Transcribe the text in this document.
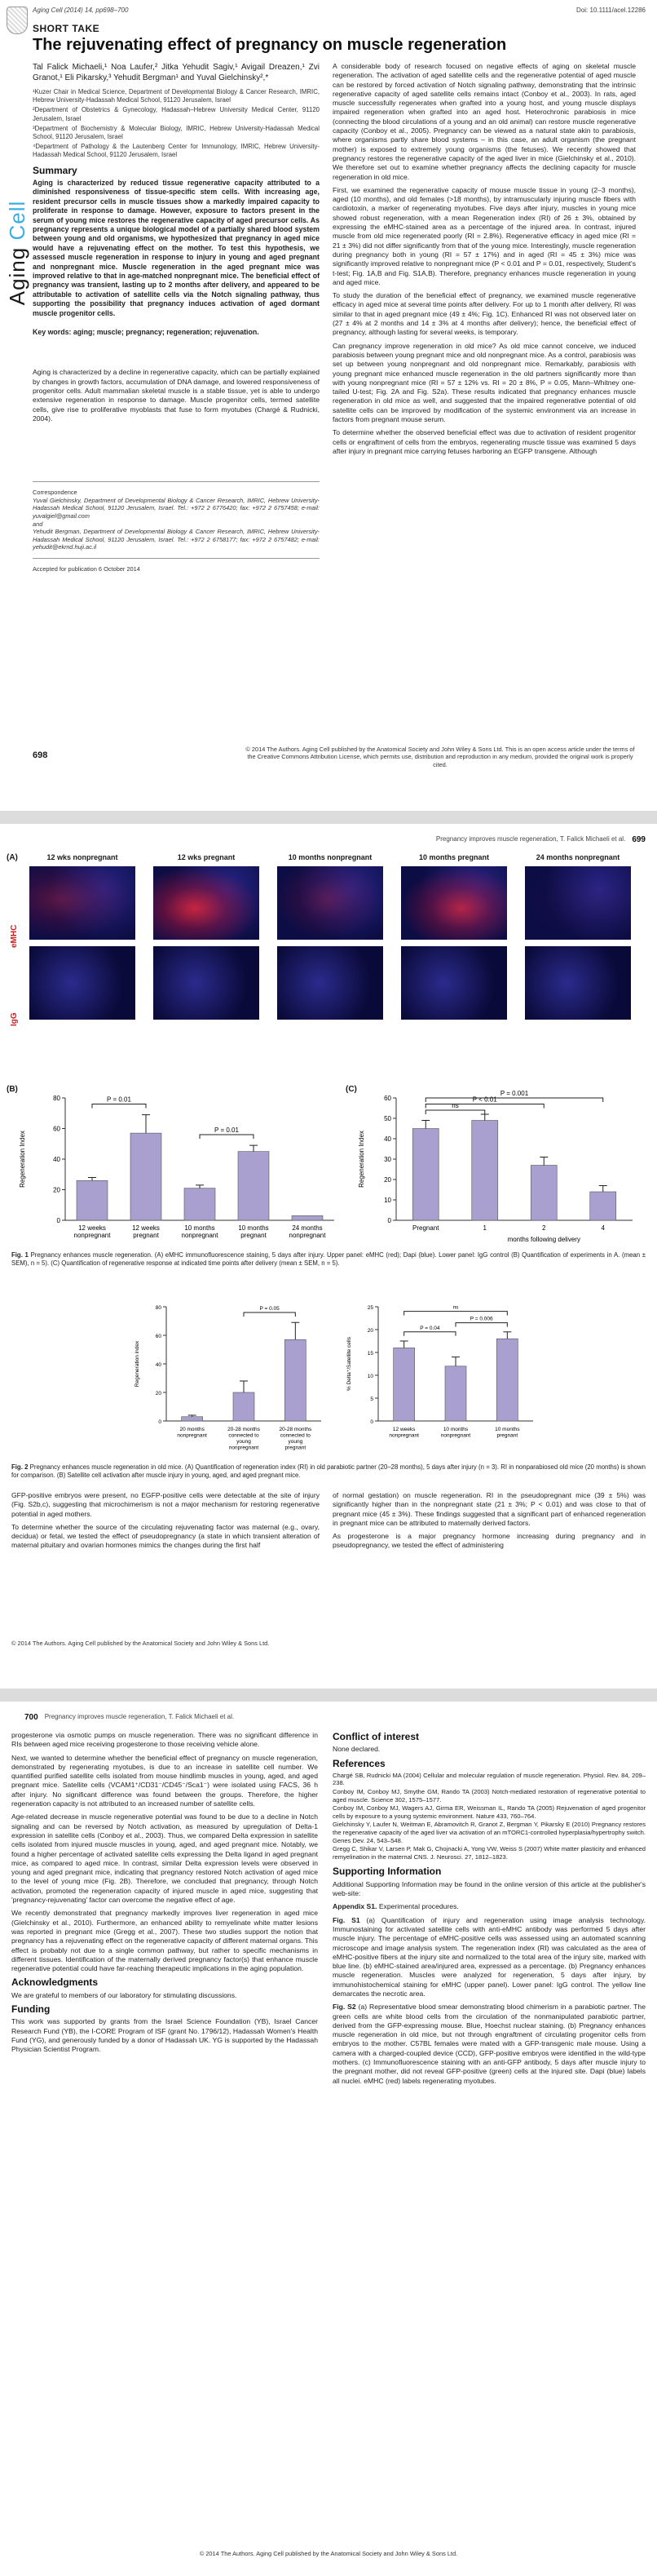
Aging Cell (2014) 14, pp698–700	Doi: 10.1111/acel.12286
Aging Cell
SHORT TAKE
The rejuvenating effect of pregnancy on muscle regeneration
Tal Falick Michaeli,¹ Noa Laufer,² Jitka Yehudit Sagiv,¹ Avigail Dreazen,¹ Zvi Granot,¹ Eli Pikarsky,³ Yehudit Bergman¹ and Yuval Gielchinsky²,*
¹Kuzer Chair in Medical Science, Department of Developmental Biology & Cancer Research, IMRIC, Hebrew University-Hadassah Medical School, 91120 Jerusalem, Israel
²Department of Obstetrics & Gynecology, Hadassah–Hebrew University Medical Center, 91120 Jerusalem, Israel
³Department of Biochemistry & Molecular Biology, IMRIC, Hebrew University-Hadassah Medical School, 91120 Jerusalem, Israel
⁴Department of Pathology & the Lautenberg Center for Immunology, IMRIC, Hebrew University-Hadassah Medical School, 91120 Jerusalem, Israel
Summary
Aging is characterized by reduced tissue regenerative capacity attributed to a diminished responsiveness of tissue-specific stem cells. With increasing age, resident precursor cells in muscle tissues show a markedly impaired capacity to proliferate in response to damage. However, exposure to factors present in the serum of young mice restores the regenerative capacity of aged precursor cells. As pregnancy represents a unique biological model of a partially shared blood system between young and old organisms, we hypothesized that pregnancy in aged mice would have a rejuvenating effect on the mother. To test this hypothesis, we assessed muscle regeneration in response to injury in young and aged pregnant and nonpregnant mice. Muscle regeneration in the aged pregnant mice was improved relative to that in age-matched nonpregnant mice. The beneficial effect of pregnancy was transient, lasting up to 2 months after delivery, and appeared to be attributable to activation of satellite cells via the Notch signaling pathway, thus supporting the possibility that pregnancy induces activation of aged dormant muscle progenitor cells.
Key words: aging; muscle; pregnancy; regeneration; rejuvenation.

Aging is characterized by a decline in regenerative capacity, which can be partially explained by changes in growth factors, accumulation of DNA damage, and lowered responsiveness of progenitor cells. Adult mammalian skeletal muscle is a stable tissue, yet is able to undergo extensive regeneration in response to damage. Muscle progenitor cells, termed satellite cells, give rise to proliferative myoblasts that fuse to form myotubes (Chargé & Rudnicki, 2004).

Correspondence
Yuval Gielchinsky, Department of Developmental Biology & Cancer Research, IMRIC, Hebrew University-Hadassah Medical School, 91120 Jerusalem, Israel. Tel.: +972 2 6776420; fax: +972 2 6757458; e-mail: yuvalgiel@gmail.com
and
Yehudit Bergman, Department of Developmental Biology & Cancer Research, IMRIC, Hebrew University-Hadassah Medical School, 91120 Jerusalem, Israel. Tel.: +972 2 6758177; fax: +972 2 6757482; e-mail: yehudit@ekmd.huji.ac.il
Accepted for publication 6 October 2014

A considerable body of research focused on negative effects of aging on skeletal muscle regeneration. The activation of aged satellite cells and the regenerative potential of aged muscle can be restored by forced activation of Notch signaling pathway, demonstrating that the intrinsic regenerative capacity of aged satellite cells remains intact (Conboy et al., 2003). In rats, aged muscle successfully regenerates when grafted into a young host, and young muscle displays impaired regeneration when grafted into an aged host. Heterochronic parabiosis in mice (connecting the blood circulations of a young and an old animal) can restore muscle regenerative capacity (Conboy et al., 2005). Pregnancy can be viewed as a natural state akin to parabiosis, where organisms partly share blood systems – in this case, an adult organism (the pregnant mother) is exposed to extremely young organisms (the fetuses). We recently showed that pregnancy restores the regenerative capacity of the aged liver in mice (Gielchinsky et al., 2010). We therefore set out to examine whether pregnancy affects the declining capacity for muscle regeneration in old mice.

First, we examined the regenerative capacity of mouse muscle tissue in young (2–3 months), aged (10 months), and old females (>18 months), by intramuscularly injuring muscle fibers with cardiotoxin, a marker of regenerating myotubes. Five days after injury, muscles in young mice showed robust regeneration, with a mean Regeneration index (RI) of 26 ± 3%, obtained by expressing the eMHC-stained area as a percentage of the injured area. In contrast, injured muscle from old mice regenerated poorly (RI = 2.8%). Regenerative efficacy in aged mice (RI = 21 ± 3%) did not differ significantly from that of the young mice. Interestingly, muscle regeneration during pregnancy both in young (RI = 57 ± 17%) and in aged (RI = 45 ± 3%) mice was significantly improved relative to nonpregnant mice (P < 0.01 and P = 0.01, respectively, Student's t-test; Fig. 1A,B and Fig. S1A,B). Therefore, pregnancy enhances muscle regeneration in young and aged mice.

To study the duration of the beneficial effect of pregnancy, we examined muscle regenerative efficacy in aged mice at several time points after delivery. For up to 1 month after delivery, RI was similar to that in aged pregnant mice (49 ± 4%; Fig. 1C). Enhanced RI was not observed later on (27 ± 4% at 2 months and 14 ± 3% at 4 months after delivery); hence, the beneficial effect of pregnancy, although lasting for several weeks, is temporary.

Can pregnancy improve regeneration in old mice? As old mice cannot conceive, we induced parabiosis between young pregnant mice and old nonpregnant mice. As a control, parabiosis was set up between young nonpregnant and old nonpregnant mice. Remarkably, parabiosis with young pregnant mice enhanced muscle regeneration in the old partners significantly more than with young nonpregnant mice (RI = 57 ± 12% vs. RI = 20 ± 8%, P = 0.05, Mann–Whitney one-tailed U-test; Fig. 2A and Fig. S2a). These results indicated that pregnancy enhances muscle regeneration in old mice as well, and suggested that the impaired regenerative potential of old satellite cells can be improved by modification of the systemic environment via an increase in factors from pregnant mouse serum.

To determine whether the observed beneficial effect was due to activation of resident progenitor cells or engraftment of cells from the embryos, regenerating muscle tissue was examined 5 days after injury in pregnant mice carrying fetuses harboring an EGFP transgene. Although

698
© 2014 The Authors. Aging Cell published by the Anatomical Society and John Wiley & Sons Ltd. This is an open access article under the terms of the Creative Commons Attribution License, which permits use, distribution and reproduction in any medium, provided the original work is properly cited.
Pregnancy improves muscle regeneration, T. Falick Michaeli et al. 699
(A)	12 wks nonpregnant	12 wks pregnant	10 months nonpregnant	10 months pregnant	24 months nonpregnant
eMHC
IgG
(B)	(C)
0
20
40
60
80
Regeneration Index
12 weeks
nonpregnant
12 weeks
pregnant
10 months
nonpregnant
10 months
pregnant
24 months
nonpregnant
P = 0.01
P = 0.01
0
10
20
30
40
50
60
Regeneration Index
Pregnant	1	2	4
months following delivery
ns
P < 0.01
P = 0.001
Fig. 1 Pregnancy enhances muscle regeneration. (A) eMHC immunofluorescence staining, 5 days after injury. Upper panel: eMHC (red); Dapi (blue). Lower panel: IgG control (B) Quantification of experiments in A. (mean ± SEM), n = 5). (C) Quantification of regenerative response at indicated time points after delivery (mean ± SEM, n = 5).
0
20
40
60
80
Regeneration index
20 months
nonpregnant
20-28 months
connected to
young
nonpregnant
20-28 months
connected to
young
pregnant
P = 0.05
0
5
10
15
20
25
% Delta⁺/Satellite cells
12 weeks
nonpregnant
10 months
nonpregnant
10 months
pregnant
P = 0.04
P = 0.006
ns
Fig. 2 Pregnancy enhances muscle regeneration in old mice. (A) Quantification of regeneration index (RI) in old parabiotic partner (20–28 months), 5 days after injury (n = 3). RI in nonparabiosed old mice (20 months) is shown for comparison. (B) Satellite cell activation after muscle injury in young, aged, and aged pregnant mice.

GFP-positive embryos were present, no EGFP-positive cells were detectable at the site of injury (Fig. S2b,c), suggesting that microchimerism is not a major mechanism for restoring regenerative potential in aged mothers.

To determine whether the source of the circulating rejuvenating factor was maternal (e.g., ovary, decidua) or fetal, we tested the effect of pseudopregnancy (a state in which transient alteration of maternal pituitary and ovarian hormones mimics the changes during the first half

of normal gestation) on muscle regeneration. RI in the pseudopregnant mice (39 ± 5%) was significantly higher than in the nonpregnant state (21 ± 3%; P < 0.01) and was close to that of pregnant mice (45 ± 3%). These findings suggested that a significant part of enhanced regeneration in pregnant mice can be attributed to maternally derived factors.

As progesterone is a major pregnancy hormone increasing during pregnancy and in pseudopregnancy, we tested the effect of administering

© 2014 The Authors. Aging Cell published by the Anatomical Society and John Wiley & Sons Ltd.
700 Pregnancy improves muscle regeneration, T. Falick Michaeli et al.

progesterone via osmotic pumps on muscle regeneration. There was no significant difference in RIs between aged mice receiving progesterone to those receiving vehicle alone.

Next, we wanted to determine whether the beneficial effect of pregnancy on muscle regeneration, demonstrated by regenerating myotubes, is due to an increase in satellite cell number. We quantified purified satellite cells isolated from mouse hindlimb muscles in young, aged, and aged pregnant mice. Satellite cells (VCAM1⁺/CD31⁻/CD45⁻/Sca1⁻) were isolated using FACS, 36 h after injury. No significant difference was found between the groups. Therefore, the higher regeneration capacity is not attributed to an increased number of satellite cells.

Age-related decrease in muscle regenerative potential was found to be due to a decline in Notch signaling and can be reversed by Notch activation, as measured by upregulation of Delta-1 expression in satellite cells (Conboy et al., 2003). Thus, we compared Delta expression in satellite cells isolated from injured muscle muscles in young, aged, and aged pregnant mice. Notably, we found a higher percentage of activated satellite cells expressing the Delta ligand in aged pregnant mice, as compared to aged mice. In contrast, similar Delta expression levels were observed in young and aged pregnant mice, indicating that pregnancy restored Notch activation of aged mice to the level of young mice (Fig. 2B). Therefore, we concluded that pregnancy, through Notch activation, promoted the regeneration capacity of injured muscle in aged mice, suggesting that 'pregnancy-rejuvenating' factor can overcome the negative effect of age.

We recently demonstrated that pregnancy markedly improves liver regeneration in aged mice (Gielchinsky et al., 2010). Furthermore, an enhanced ability to remyelinate white matter lesions was reported in pregnant mice (Gregg et al., 2007). These two studies support the notion that pregnancy has a rejuvenating effect on the regenerative capacity of different maternal organs. This effect is probably not due to a single common pathway, but rather to specific mechanisms in different tissues. Identification of the maternally derived pregnancy factor(s) that enhance muscle regenerative potential could have far-reaching therapeutic implications in the aging population.

Acknowledgments

We are grateful to members of our laboratory for stimulating discussions.

Funding

This work was supported by grants from the Israel Science Foundation (YB), Israel Cancer Research Fund (YB), the I-CORE Program of ISF (grant No. 1796/12), Hadassah Women's Health Fund (YG), and generously funded by a donor of Hadassah UK. YG is supported by the Hadassah Physician Scientist Program.

Conflict of interest

None declared.

References

Chargé SB, Rudnicki MA (2004) Cellular and molecular regulation of muscle regeneration. Physiol. Rev. 84, 209–238.

Conboy IM, Conboy MJ, Smythe GM, Rando TA (2003) Notch-mediated restoration of regenerative potential to aged muscle. Science 302, 1575–1577.

Conboy IM, Conboy MJ, Wagers AJ, Girma ER, Weissman IL, Rando TA (2005) Rejuvenation of aged progenitor cells by exposure to a young systemic environment. Nature 433, 760–764.

Gielchinsky Y, Laufer N, Weitman E, Abramovitch R, Granot Z, Bergman Y, Pikarsky E (2010) Pregnancy restores the regenerative capacity of the aged liver via activation of an mTORC1-controlled hyperplasia/hypertrophy switch. Genes Dev. 24, 543–548.

Gregg C, Shikar V, Larsen P, Mak G, Chojnacki A, Yong VW, Weiss S (2007) White matter plasticity and enhanced remyelination in the maternal CNS. J. Neurosci. 27, 1812–1823.

Supporting Information

Additional Supporting Information may be found in the online version of this article at the publisher's web-site:

Appendix S1. Experimental procedures.

Fig. S1 (a) Quantification of injury and regeneration using image analysis technology. Immunostaining for activated satellite cells with anti-eMHC antibody was performed 5 days after muscle injury. The percentage of eMHC-positive cells was assessed using an automated scanning microscope and image analysis system. The regeneration index (RI) was calculated as the area of eMHC-positive fibers at the injury site and normalized to the total area of the injury site, marked with blue line. (b) eMHC-stained area/injured area, expressed as a percentage. (b) Pregnancy enhances muscle regeneration. Muscles were analyzed for regeneration, 5 days after injury, by immunohistochemical staining for eMHC (upper panel). Lower panel: IgG control. The yellow line demarcates the necrotic area.

Fig. S2 (a) Representative blood smear demonstrating blood chimerism in a parabiotic partner. The green cells are white blood cells from the circulation of the nonmanipulated parabiotic partner, derived from the GFP-expressing mouse. Blue, Hoechst nuclear staining. (b) Pregnancy enhances muscle regeneration in old mice, but not through engraftment of circulating progenitor cells from embryos to the mother. C57BL females were mated with a GFP-transgenic male mouse. Using a camera with a charged-coupled device (CCD), GFP-positive embryos were identified in the wild-type mothers. (c) Immunofluorescence staining with an anti-GFP antibody, 5 days after muscle injury to the pregnant mother, did not reveal GFP-positive (green) cells at the injured site. Dapi (blue) labels all nuclei. eMHC (red) labels regenerating myotubes.

© 2014 The Authors. Aging Cell published by the Anatomical Society and John Wiley & Sons Ltd.
